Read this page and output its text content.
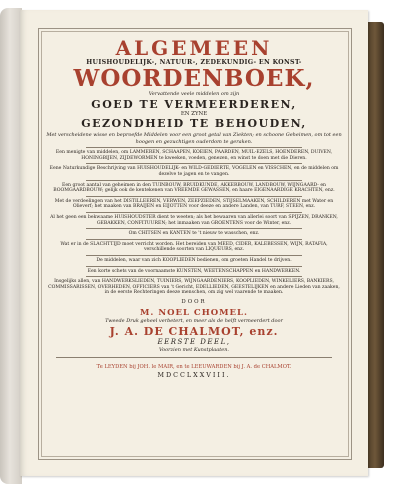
ALGEMEEN
HUISHOUDELIJK-, NATUUR-, ZEDEKUNDIG- EN KONST-
WOORDENBOEK,
Vervattende veele middelen om zijn
GOED TE VERMEERDEREN,
EN ZYNE
GEZONDHEID TE BEHOUDEN,
Met verscheidene wisse en beproefde Middelen voor een groot getal van Ziekten; en schoone Geheimen, om tot een hoogen en gezuchtigen ouderdom te geraken.
Een menigte van middelen, om LAMMEREN, SCHAAPEN, KOEIEN, PAARDEN, MUIL-EZELS, HOENDEREN, DUIVEN, HONINGBIJEN, ZIJDEWORMEN te kweeken, voeden, genezen, en winst te doen met die Dieren.
Eene Naturkundige Beschrijving van HUISHOUDELIJK- en WILD-GEDIERTE, VOGELEN en VISSCHEN, en de middelen om dezelve te jagen en te vangen.
Een groot aantal van geheimen in den TUINBOUW, BRUIDKUNDE, AKKERBOUW, LANDBOUW, WIJNGAARD- en BOOMGAARDBOUW; gelijk ook de kentekenen van VREEMDE GEWASSEN, en haare EIGENAARDIGE KRACHTEN, enz.
Met de verdeelingen van het DISTILLEEREN, VERWEN, ZEEPZIEDEN, STIJSELMAAKEN, SCHILDEREN met Water en Olieverf; het maaken van BRAIJEN en EIJOTTEN voor deeze en andere Landen, van TURF, STEEN, enz.
Al het geen een bekwaame HUISHOUDSTER dient te weeten; als het bewaaren van allerlei soort van SPIJZEN, DRANKEN, GEBAKKEN, CONFITUUREN; het inmaaken van GROENTENS voor de Winter, enz.
Om CHITSEN en KANTEN te 't nieuw te wasschen, enz.
Wat er in de SLACHTTIJD moet verricht worden. Het bereiden van MEED, CIDER, KALEBESSEN, WIJN, RATAFIA, verschillende soorten van LIQUEURS, enz.
De middelen, waar van zich KOOPLIEDEN bedienen, om groeten Handel te drijven.
Een korte schets van de voornaamste KUNSTEN, WEETENSCHAPPEN en HANDWERKEN.
Insgelijks allen, van HANDWERKSLIEDEN, TUINIERS, WIJNGAARDENIERS, KOOPLIEDEN, WINKELIERS, BANKIERS, COMMISSARISSEN, OVERHEDEN, OFFICIERS van 't Gericht, EDELLIEDEN, GEESTELIJKEN en andere Lieden van zaaken, in de eerste Rechteringen deeze menschen, om zig wel vaarende te maaken.
DOOR
M. NOEL CHOMEL.
Tweede Druk geheel verbetert, en meer als de helft vermeerdert door
J. A. DE CHALMOT, enz.
EERSTE DEEL,
Voorzien met Kunstplaaten.
Te LEYDEN bij JOH. le MAIR, en te LEEUWARDEN bij J. A. de CHALMOT.
MDCCLXXVIII.
